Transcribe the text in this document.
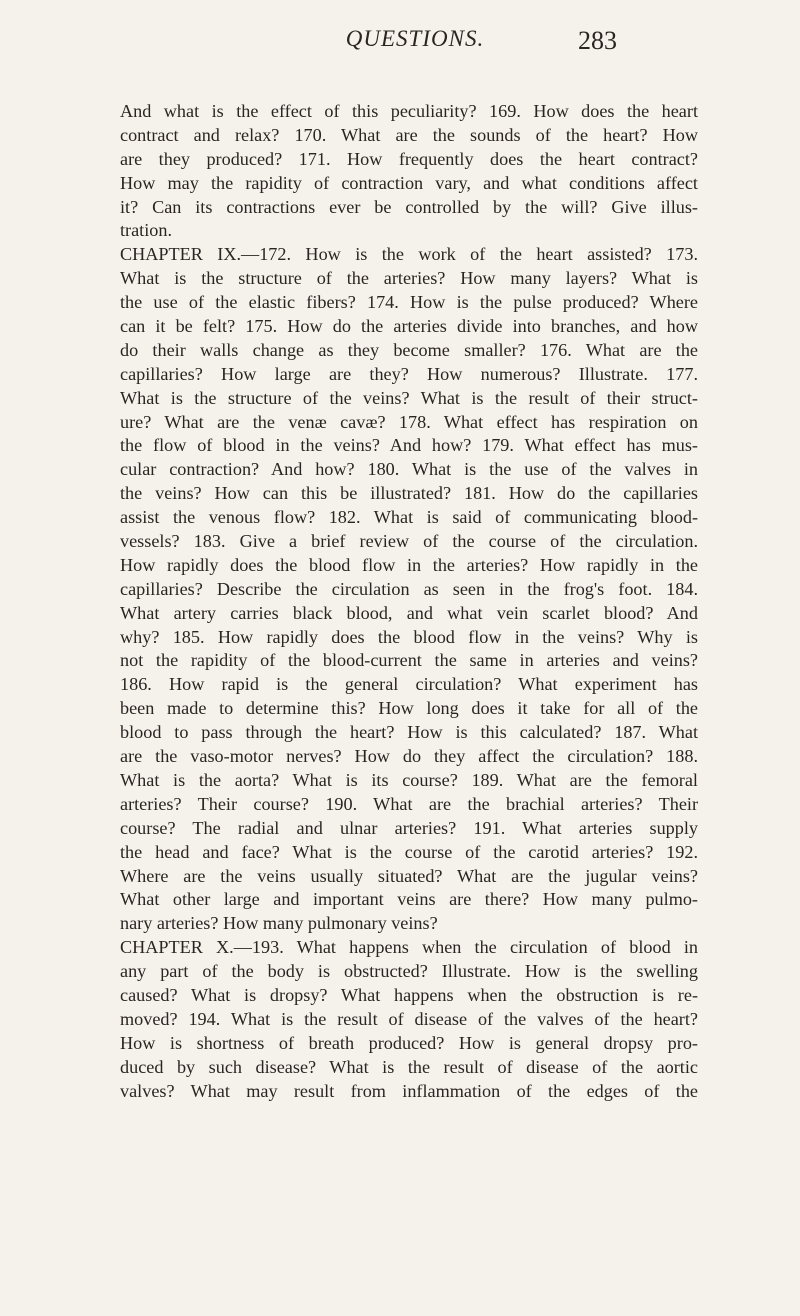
QUESTIONS.	283
And what is the effect of this peculiarity? 169. How does the heart
contract and relax? 170. What are the sounds of the heart? How
are they produced? 171. How frequently does the heart contract?
How may the rapidity of contraction vary, and what conditions affect
it? Can its contractions ever be controlled by the will? Give illus-
tration.
CHAPTER IX.—172. How is the work of the heart assisted? 173.
What is the structure of the arteries? How many layers? What is
the use of the elastic fibers? 174. How is the pulse produced? Where
can it be felt? 175. How do the arteries divide into branches, and how
do their walls change as they become smaller? 176. What are the
capillaries? How large are they? How numerous? Illustrate. 177.
What is the structure of the veins? What is the result of their struct-
ure? What are the venæ cavæ? 178. What effect has respiration on
the flow of blood in the veins? And how? 179. What effect has mus-
cular contraction? And how? 180. What is the use of the valves in
the veins? How can this be illustrated? 181. How do the capillaries
assist the venous flow? 182. What is said of communicating blood-
vessels? 183. Give a brief review of the course of the circulation.
How rapidly does the blood flow in the arteries? How rapidly in the
capillaries? Describe the circulation as seen in the frog's foot. 184.
What artery carries black blood, and what vein scarlet blood? And
why? 185. How rapidly does the blood flow in the veins? Why is
not the rapidity of the blood-current the same in arteries and veins?
186. How rapid is the general circulation? What experiment has
been made to determine this? How long does it take for all of the
blood to pass through the heart? How is this calculated? 187. What
are the vaso-motor nerves? How do they affect the circulation? 188.
What is the aorta? What is its course? 189. What are the femoral
arteries? Their course? 190. What are the brachial arteries? Their
course? The radial and ulnar arteries? 191. What arteries supply
the head and face? What is the course of the carotid arteries? 192.
Where are the veins usually situated? What are the jugular veins?
What other large and important veins are there? How many pulmo-
nary arteries? How many pulmonary veins?
CHAPTER X.—193. What happens when the circulation of blood in
any part of the body is obstructed? Illustrate. How is the swelling
caused? What is dropsy? What happens when the obstruction is re-
moved? 194. What is the result of disease of the valves of the heart?
How is shortness of breath produced? How is general dropsy pro-
duced by such disease? What is the result of disease of the aortic
valves? What may result from inflammation of the edges of the
